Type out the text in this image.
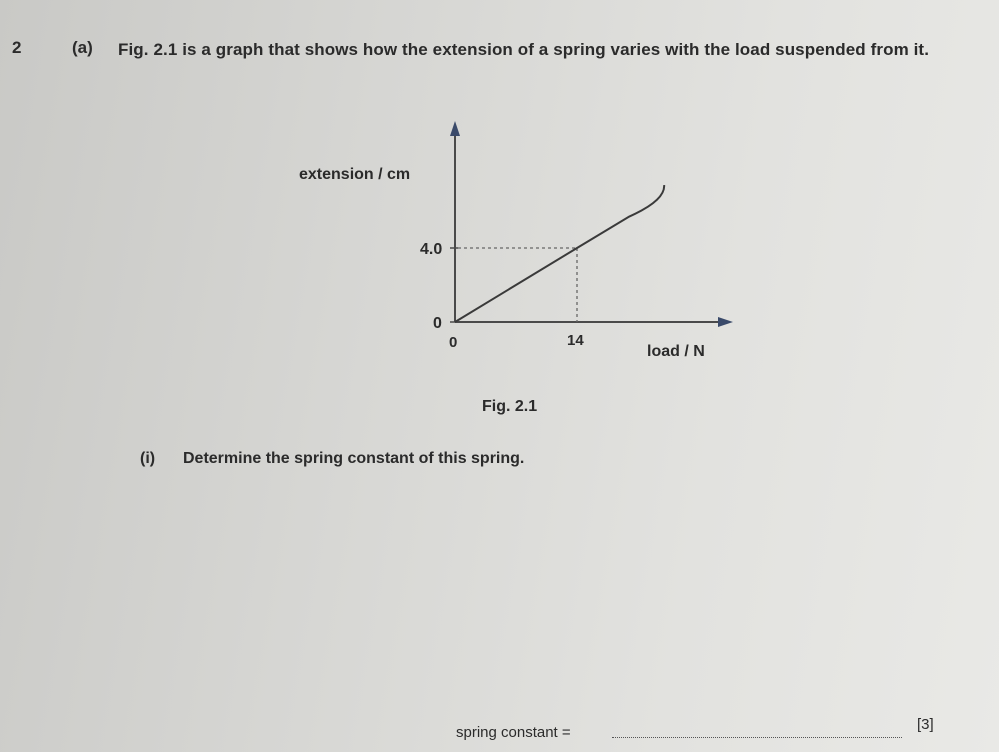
2	(a) Fig. 2.1 is a graph that shows how the extension of a spring varies with the load suspended from it.
extension / cm
load / N
4.0
0
0	14
Fig. 2.1
(i) Determine the spring constant of this spring.
spring constant =	[3]
